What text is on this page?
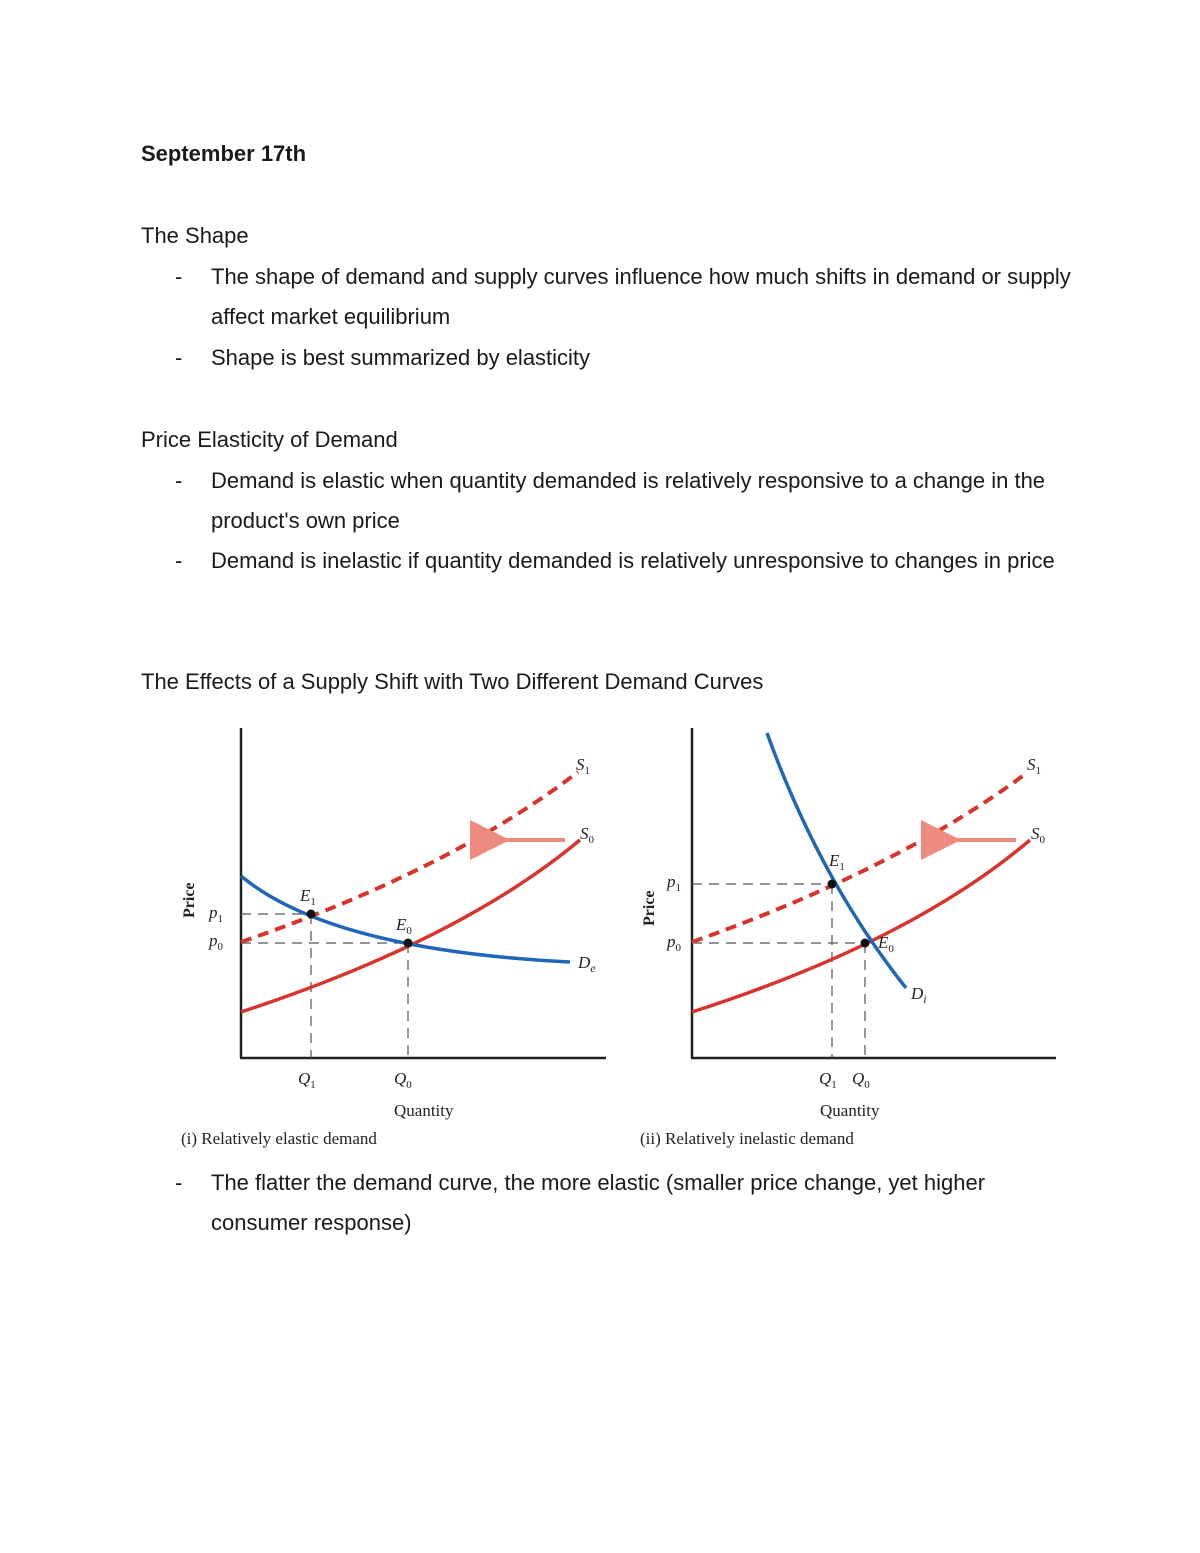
September 17th
The Shape
- The shape of demand and supply curves influence how much shifts in demand or supply affect market equilibrium
- Shape is best summarized by elasticity
Price Elasticity of Demand
- Demand is elastic when quantity demanded is relatively responsive to a change in the product's own price
- Demand is inelastic if quantity demanded is relatively unresponsive to changes in price
The Effects of a Supply Shift with Two Different Demand Curves
Price $p_1$
$p_0$
$E_1$
$E_0$
$S_1$
$S_0$
$D_e$
$Q_1$	$Q_0$
Quantity
Price
$p_1$
$p_0$
$E_1$
$E_0$
$S_1$
$S_0$
$D_i$
$Q_1$ $Q_0$
Quantity
(i) Relatively elastic demand	(ii) Relatively inelastic demand
- The flatter the demand curve, the more elastic (smaller price change, yet higher consumer response)
